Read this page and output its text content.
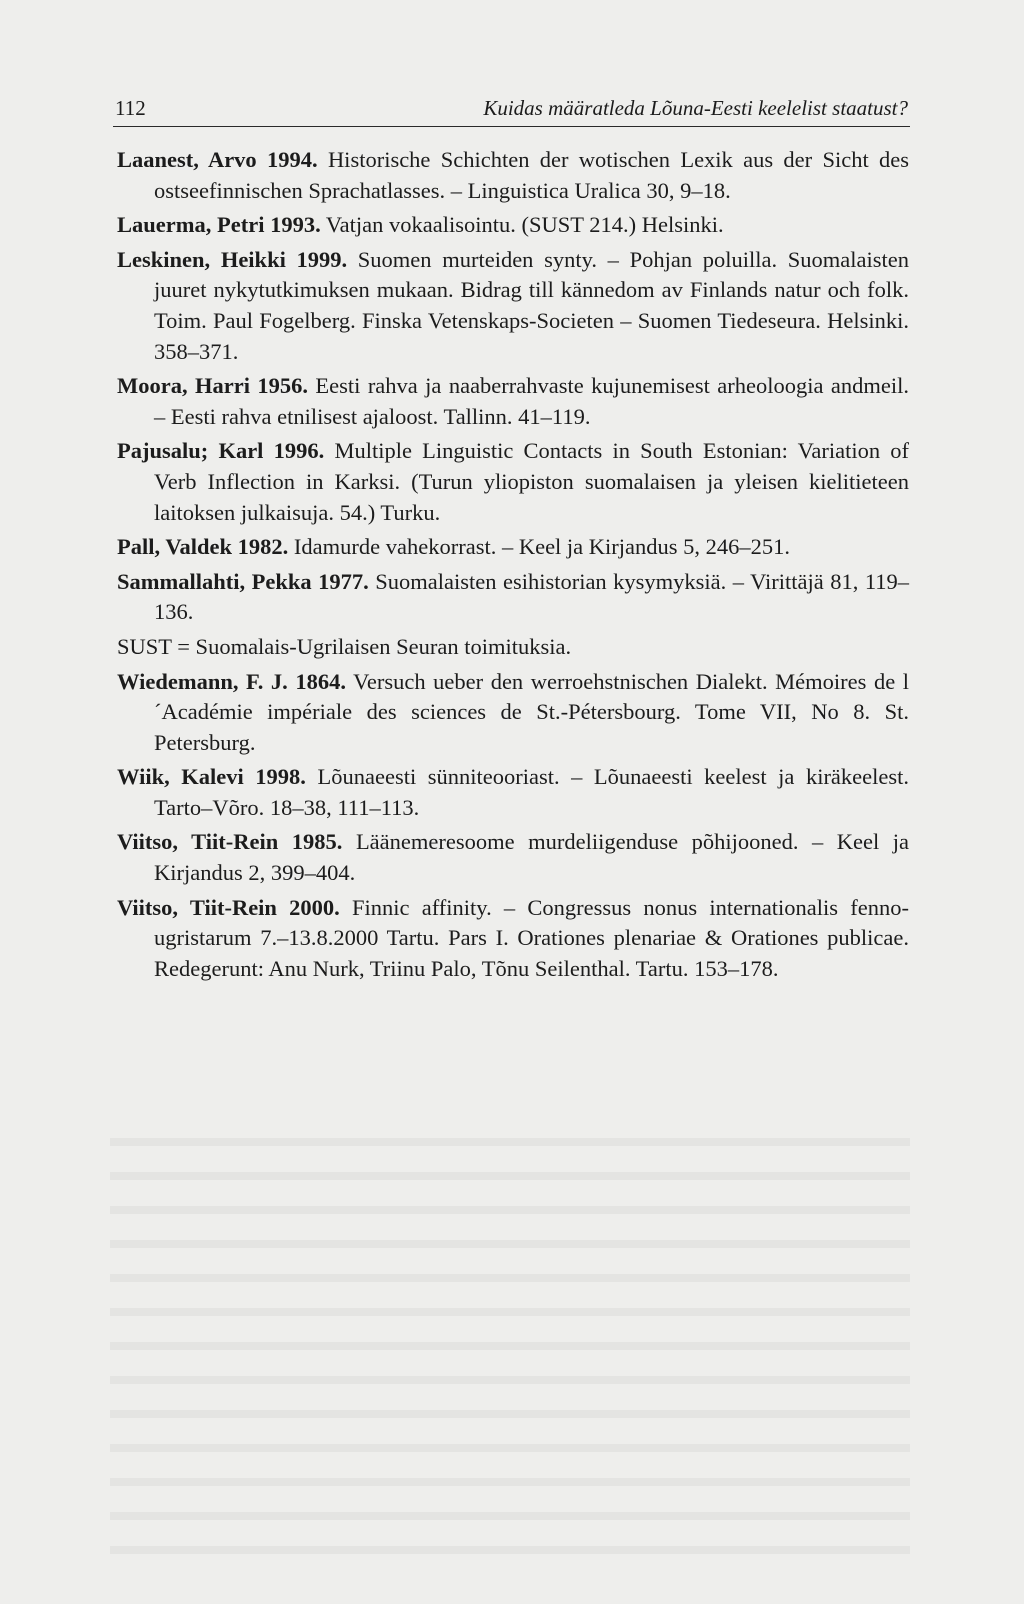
112	Kuidas määratleda Lõuna-Eesti keelelist staatust?

Laanest, Arvo 1994. Historische Schichten der wotischen Lexik aus der Sicht des ostseefinnischen Sprachatlasses. – Linguistica Uralica 30, 9–18.

Lauerma, Petri 1993. Vatjan vokaalisointu. (SUST 214.) Helsinki.

Leskinen, Heikki 1999. Suomen murteiden synty. – Pohjan poluilla. Suomalaisten juuret nykytutkimuksen mukaan. Bidrag till kännedom av Finlands natur och folk. Toim. Paul Fogelberg. Finska Vetenskaps-Societen – Suomen Tiedeseura. Helsinki. 358–371.

Moora, Harri 1956. Eesti rahva ja naaberrahvaste kujunemisest arheoloogia andmeil. – Eesti rahva etnilisest ajaloost. Tallinn. 41–119.

Pajusalu; Karl 1996. Multiple Linguistic Contacts in South Estonian: Variation of Verb Inflection in Karksi. (Turun yliopiston suomalaisen ja yleisen kielitieteen laitoksen julkaisuja. 54.) Turku.

Pall, Valdek 1982. Idamurde vahekorrast. – Keel ja Kirjandus 5, 246–251.

Sammallahti, Pekka 1977. Suomalaisten esihistorian kysymyksiä. – Virittäjä 81, 119–136.

SUST = Suomalais-Ugrilaisen Seuran toimituksia.

Wiedemann, F. J. 1864. Versuch ueber den werroehstnischen Dialekt. Mémoires de l´Académie impériale des sciences de St.-Pétersbourg. Tome VII, No 8. St. Petersburg.

Wiik, Kalevi 1998. Lõunaeesti sünniteooriast. – Lõunaeesti keelest ja kiräkeelest. Tarto–Võro. 18–38, 111–113.

Viitso, Tiit-Rein 1985. Läänemeresoome murdeliigenduse põhijooned. – Keel ja Kirjandus 2, 399–404.

Viitso, Tiit-Rein 2000. Finnic affinity. – Congressus nonus internationalis fenno-ugristarum 7.–13.8.2000 Tartu. Pars I. Orationes plenariae & Orationes publicae. Redegerunt: Anu Nurk, Triinu Palo, Tõnu Seilenthal. Tartu. 153–178.
